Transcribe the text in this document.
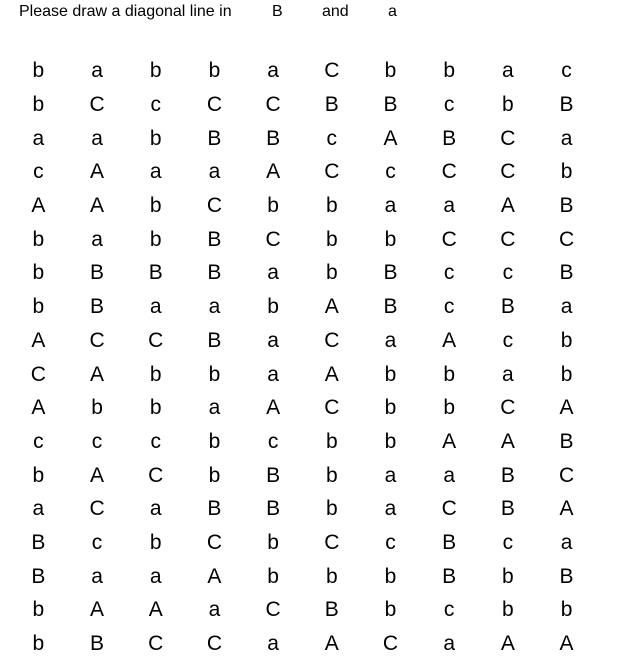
Please draw a diagonal line in	B and a
b	a	b	b	a	C	b	b	a	c
b	C	c	C	C	B	B	c	b	B
a	a	b	B	B	c	A	B	C	a
c	A	a	a	A	C	c	C	C	b
A	A	b	C	b	b	a	a	A	B
b	a	b	B	C	b	b	C	C	C
b	B	B	B	a	b	B	c	c	B
b	B	a	a	b	A	B	c	B	a
A	C	C	B	a	C	a	A	c	b
C	A	b	b	a	A	b	b	a	b
A	b	b	a	A	C	b	b	C	A
c	c	c	b	c	b	b	A	A	B
b	A	C	b	B	b	a	a	B	C
a	C	a	B	B	b	a	C	B	A
B	c	b	C	b	C	c	B	c	a
B	a	a	A	b	b	b	B	b	B
b	A	A	a	C	B	b	c	b	b
b	B	C	C	a	A	C	a	A	A
